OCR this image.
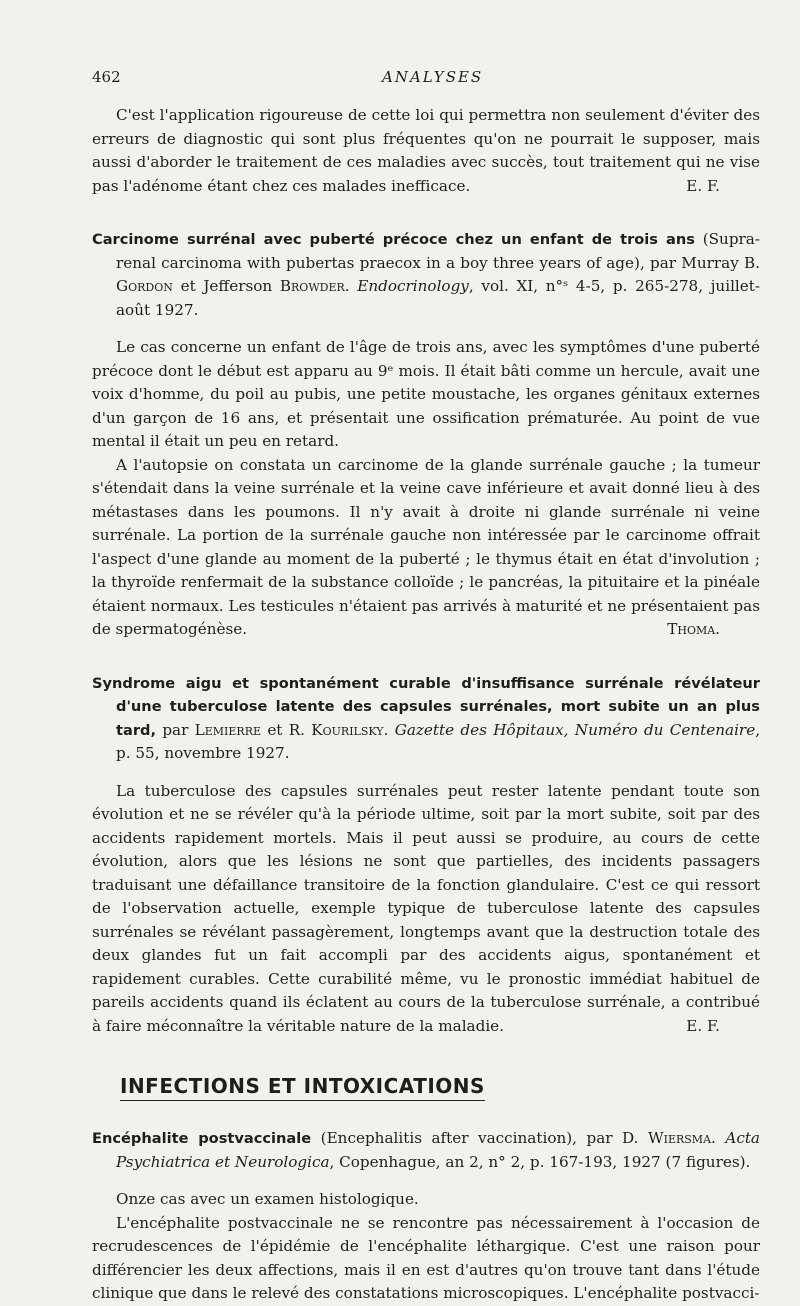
462	ANALYSES

C'est l'application rigoureuse de cette loi qui permettra non seulement d'éviter des erreurs de diagnostic qui sont plus fréquentes qu'on ne pourrait le supposer, mais aussi d'aborder le traitement de ces maladies avec succès, tout traitement qui ne vise pas l'adénome étant chez ces malades inefficace.	E. F.

Carcinome surrénal avec puberté précoce chez un enfant de trois ans (Supra-renal carcinoma with pubertas praecox in a boy three years of age), par Murray B. Gordon et Jefferson Browder. Endocrinology, vol. XI, n°ˢ 4-5, p. 265-278, juillet-août 1927.

Le cas concerne un enfant de l'âge de trois ans, avec les symptômes d'une puberté précoce dont le début est apparu au 9ᵉ mois. Il était bâti comme un hercule, avait une voix d'homme, du poil au pubis, une petite moustache, les organes génitaux externes d'un garçon de 16 ans, et présentait une ossification prématurée. Au point de vue mental il était un peu en retard.

A l'autopsie on constata un carcinome de la glande surrénale gauche ; la tumeur s'étendait dans la veine surrénale et la veine cave inférieure et avait donné lieu à des métastases dans les poumons. Il n'y avait à droite ni glande surrénale ni veine surrénale. La portion de la surrénale gauche non intéressée par le carcinome offrait l'aspect d'une glande au moment de la puberté ; le thymus était en état d'involution ; la thyroïde renfermait de la substance colloïde ; le pancréas, la pituitaire et la pinéale étaient normaux. Les testicules n'étaient pas arrivés à maturité et ne présentaient pas de spermatogénèse.	Thoma.

Syndrome aigu et spontanément curable d'insuffisance surrénale révélateur d'une tuberculose latente des capsules surrénales, mort subite un an plus tard, par Lemierre et R. Kourilsky. Gazette des Hôpitaux, Numéro du Centenaire, p. 55, novembre 1927.

La tuberculose des capsules surrénales peut rester latente pendant toute son évolution et ne se révéler qu'à la période ultime, soit par la mort subite, soit par des accidents rapidement mortels. Mais il peut aussi se produire, au cours de cette évolution, alors que les lésions ne sont que partielles, des incidents passagers traduisant une défaillance transitoire de la fonction glandulaire. C'est ce qui ressort de l'observation actuelle, exemple typique de tuberculose latente des capsules surrénales se révélant passagèrement, longtemps avant que la destruction totale des deux glandes fut un fait accompli par des accidents aigus, spontanément et rapidement curables. Cette curabilité même, vu le pronostic immédiat habituel de pareils accidents quand ils éclatent au cours de la tuberculose surrénale, a contribué à faire méconnaître la véritable nature de la maladie.	E. F.

INFECTIONS ET INTOXICATIONS

Encéphalite postvaccinale (Encephalitis after vaccination), par D. Wiersma. Acta Psychiatrica et Neurologica, Copenhague, an 2, n° 2, p. 167-193, 1927 (7 figures).

Onze cas avec un examen histologique.

L'encéphalite postvaccinale ne se rencontre pas nécessairement à l'occasion de recrudescences de l'épidémie de l'encéphalite léthargique. C'est une raison pour différencier les deux affections, mais il en est d'autres qu'on trouve tant dans l'étude clinique que dans le relevé des constatations microscopiques. L'encéphalite postvacci-
